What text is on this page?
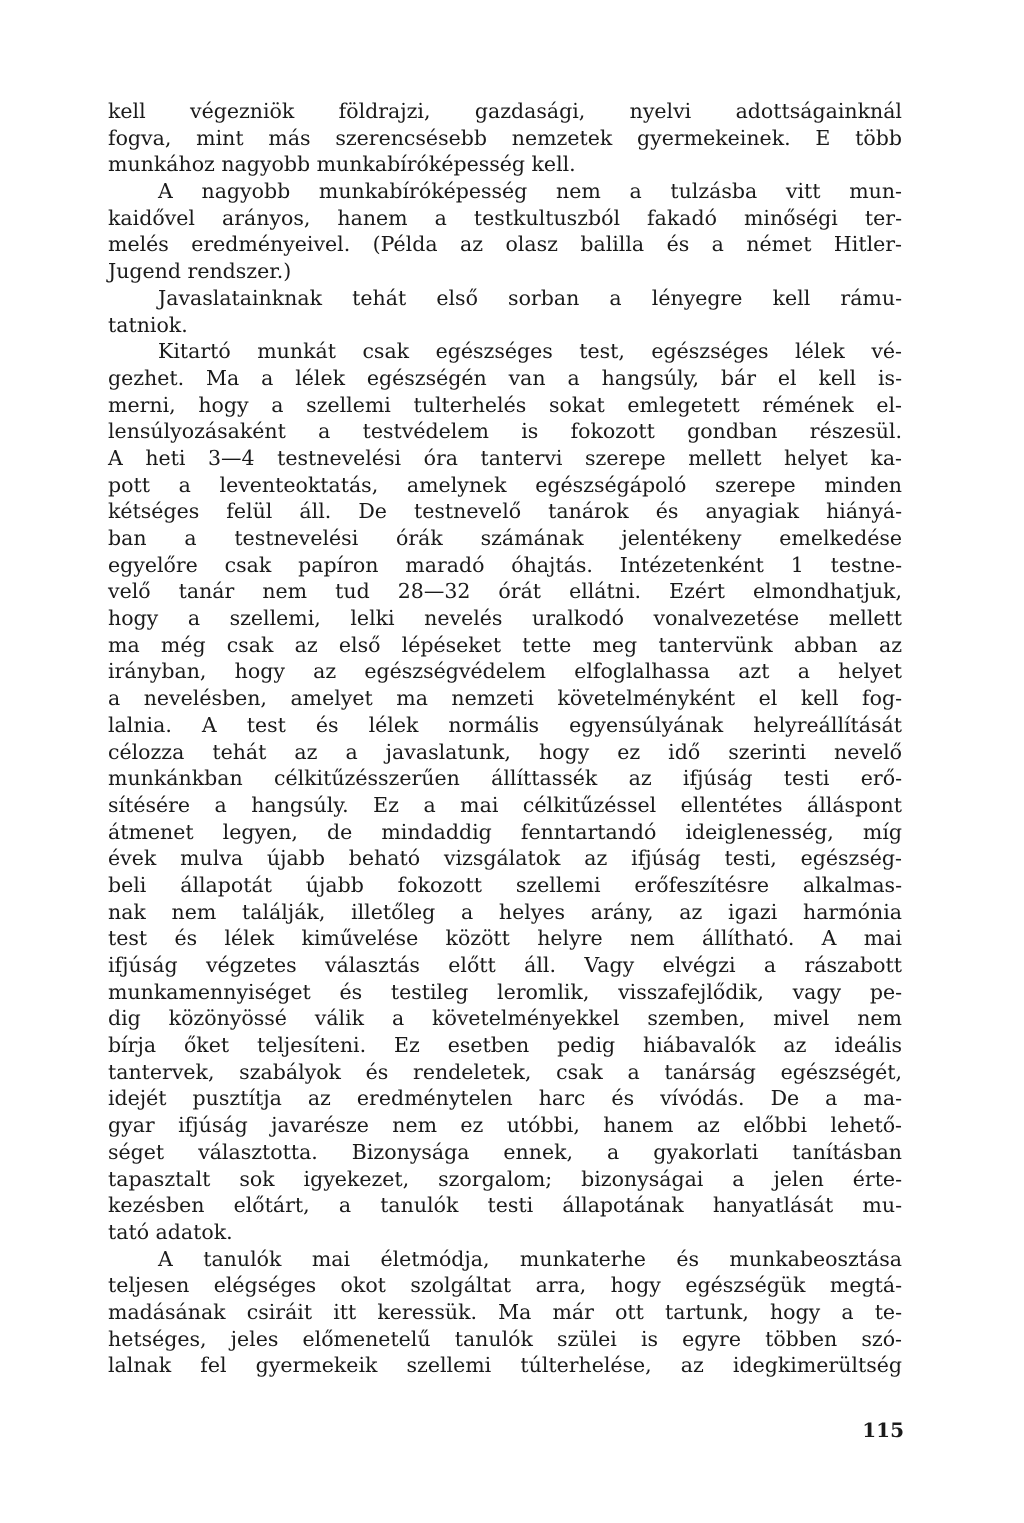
kell végezniök földrajzi, gazdasági, nyelvi adottságainknál
fogva, mint más szerencsésebb nemzetek gyermekeinek. E több
munkához nagyobb munkabíróképesség kell.
A nagyobb munkabíróképesség nem a tulzásba vitt mun-
kaidővel arányos, hanem a testkultuszból fakadó minőségi ter-
melés eredményeivel. (Példa az olasz balilla és a német Hitler-
Jugend rendszer.)
Javaslatainknak tehát első sorban a lényegre kell rámu-
tatniok.
Kitartó munkát csak egészséges test, egészséges lélek vé-
gezhet. Ma a lélek egészségén van a hangsúly, bár el kell is-
merni, hogy a szellemi tulterhelés sokat emlegetett rémének el-
lensúlyozásaként a testvédelem is fokozott gondban részesül.
A heti 3—4 testnevelési óra tantervi szerepe mellett helyet ka-
pott a leventeoktatás, amelynek egészségápoló szerepe minden
kétséges felül áll. De testnevelő tanárok és anyagiak hiányá-
ban a testnevelési órák számának jelentékeny emelkedése
egyelőre csak papíron maradó óhajtás. Intézetenként 1 testne-
velő tanár nem tud 28—32 órát ellátni. Ezért elmondhatjuk,
hogy a szellemi, lelki nevelés uralkodó vonalvezetése mellett
ma még csak az első lépéseket tette meg tantervünk abban az
irányban, hogy az egészségvédelem elfoglalhassa azt a helyet
a nevelésben, amelyet ma nemzeti követelményként el kell fog-
lalnia. A test és lélek normális egyensúlyának helyreállítását
célozza tehát az a javaslatunk, hogy ez idő szerinti nevelő
munkánkban célkitűzésszerűen állíttassék az ifjúság testi erő-
sítésére a hangsúly. Ez a mai célkitűzéssel ellentétes álláspont
átmenet legyen, de mindaddig fenntartandó ideiglenesség, míg
évek mulva újabb beható vizsgálatok az ifjúság testi, egészség-
beli állapotát újabb fokozott szellemi erőfeszítésre alkalmas-
nak nem találják, illetőleg a helyes arány, az igazi harmónia
test és lélek kiművelése között helyre nem állítható. A mai
ifjúság végzetes választás előtt áll. Vagy elvégzi a rászabott
munkamennyiséget és testileg leromlik, visszafejlődik, vagy pe-
dig közönyössé válik a követelményekkel szemben, mivel nem
bírja őket teljesíteni. Ez esetben pedig hiábavalók az ideális
tantervek, szabályok és rendeletek, csak a tanárság egészségét,
idejét pusztítja az eredménytelen harc és vívódás. De a ma-
gyar ifjúság javarésze nem ez utóbbi, hanem az előbbi lehető-
séget választotta. Bizonysága ennek, a gyakorlati tanításban
tapasztalt sok igyekezet, szorgalom; bizonyságai a jelen érte-
kezésben előtárt, a tanulók testi állapotának hanyatlását mu-
tató adatok.
A tanulók mai életmódja, munkaterhe és munkabeosztása
teljesen elégséges okot szolgáltat arra, hogy egészségük megtá-
madásának csiráit itt keressük. Ma már ott tartunk, hogy a te-
hetséges, jeles előmenetelű tanulók szülei is egyre többen szó-
lalnak fel gyermekeik szellemi túlterhelése, az idegkimerültség
115
